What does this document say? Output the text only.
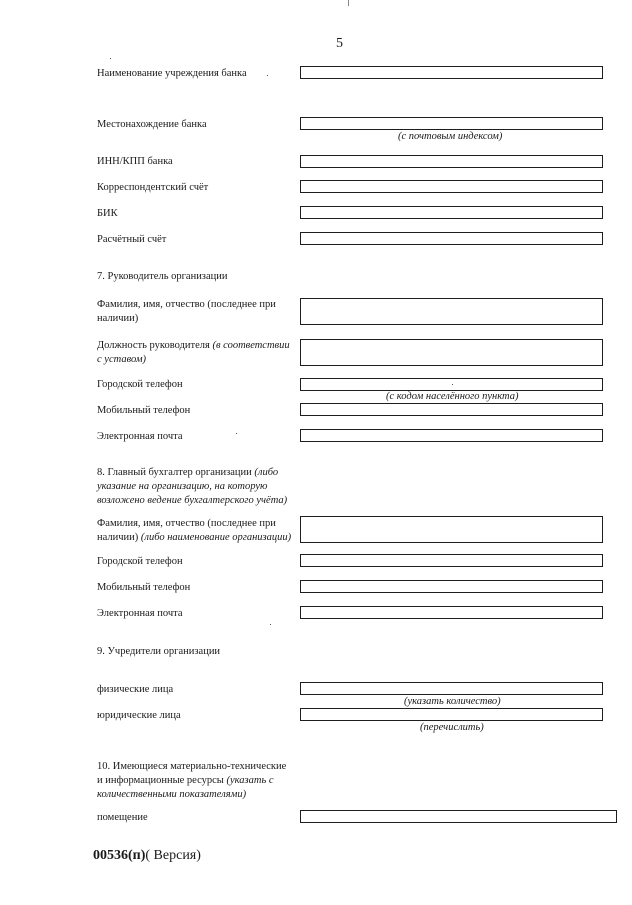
5
Наименование учреждения банка
Местонахождение банка
(с почтовым индексом)
ИНН/КПП банка
Корреспондентский счёт
БИК
Расчётный счёт
7. Руководитель организации
Фамилия, имя, отчество (последнее при
наличии)
Должность руководителя (в соответствии
с уставом)
Городской телефон
(с кодом населённого пункта)
Мобильный телефон
Электронная почта
8. Главный бухгалтер организации (либо
указание на организацию, на которую
возложено ведение бухгалтерского учёта)
Фамилия, имя, отчество (последнее при
наличии) (либо наименование организации)
Городской телефон
Мобильный телефон
Электронная почта
9. Учредители организации
физические лица
(указать количество)
юридические лица
(перечислить)
10. Имеющиеся материально-технические
и информационные ресурсы (указать с
количественными показателями)
помещение
00536(п)( Версия)
